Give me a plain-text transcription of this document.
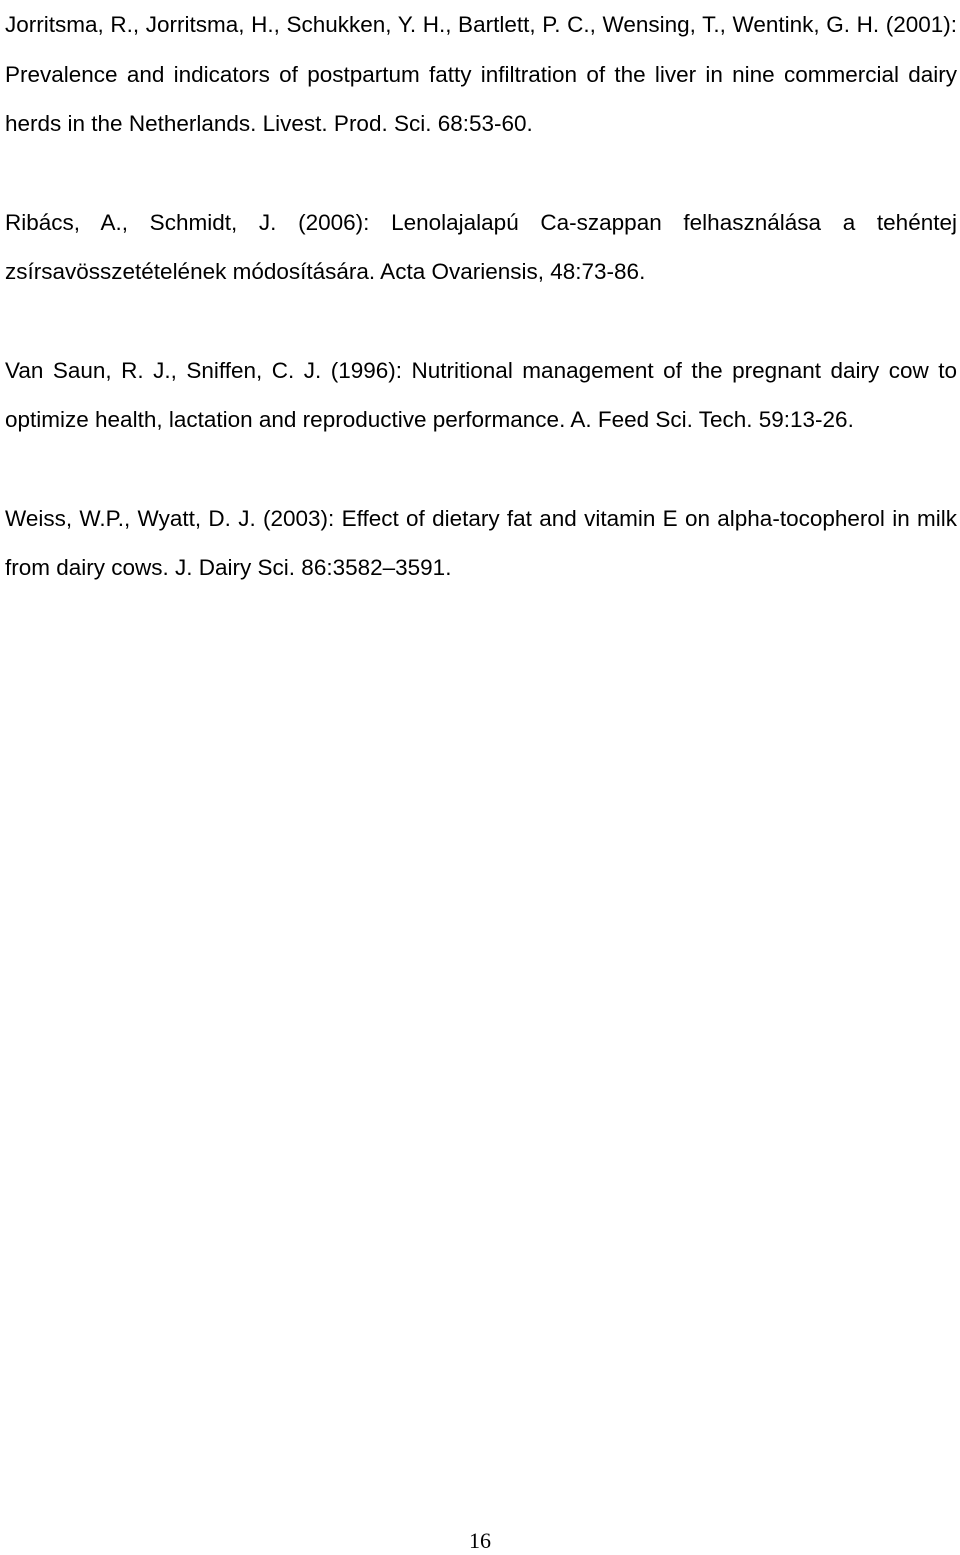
Jorritsma, R., Jorritsma, H., Schukken, Y. H., Bartlett, P. C., Wensing, T., Wentink, G. H. (2001): Prevalence and indicators of postpartum fatty infiltration of the liver in nine commercial dairy herds in the Netherlands. Livest. Prod. Sci. 68:53-60.

Ribács, A., Schmidt, J. (2006): Lenolajalapú Ca-szappan felhasználása a tehéntej zsírsavösszetételének módosítására. Acta Ovariensis, 48:73-86.

Van Saun, R. J., Sniffen, C. J. (1996): Nutritional management of the pregnant dairy cow to optimize health, lactation and reproductive performance. A. Feed Sci. Tech. 59:13-26.

Weiss, W.P., Wyatt, D. J. (2003): Effect of dietary fat and vitamin E on alpha-tocopherol in milk from dairy cows. J. Dairy Sci. 86:3582–3591.

16
